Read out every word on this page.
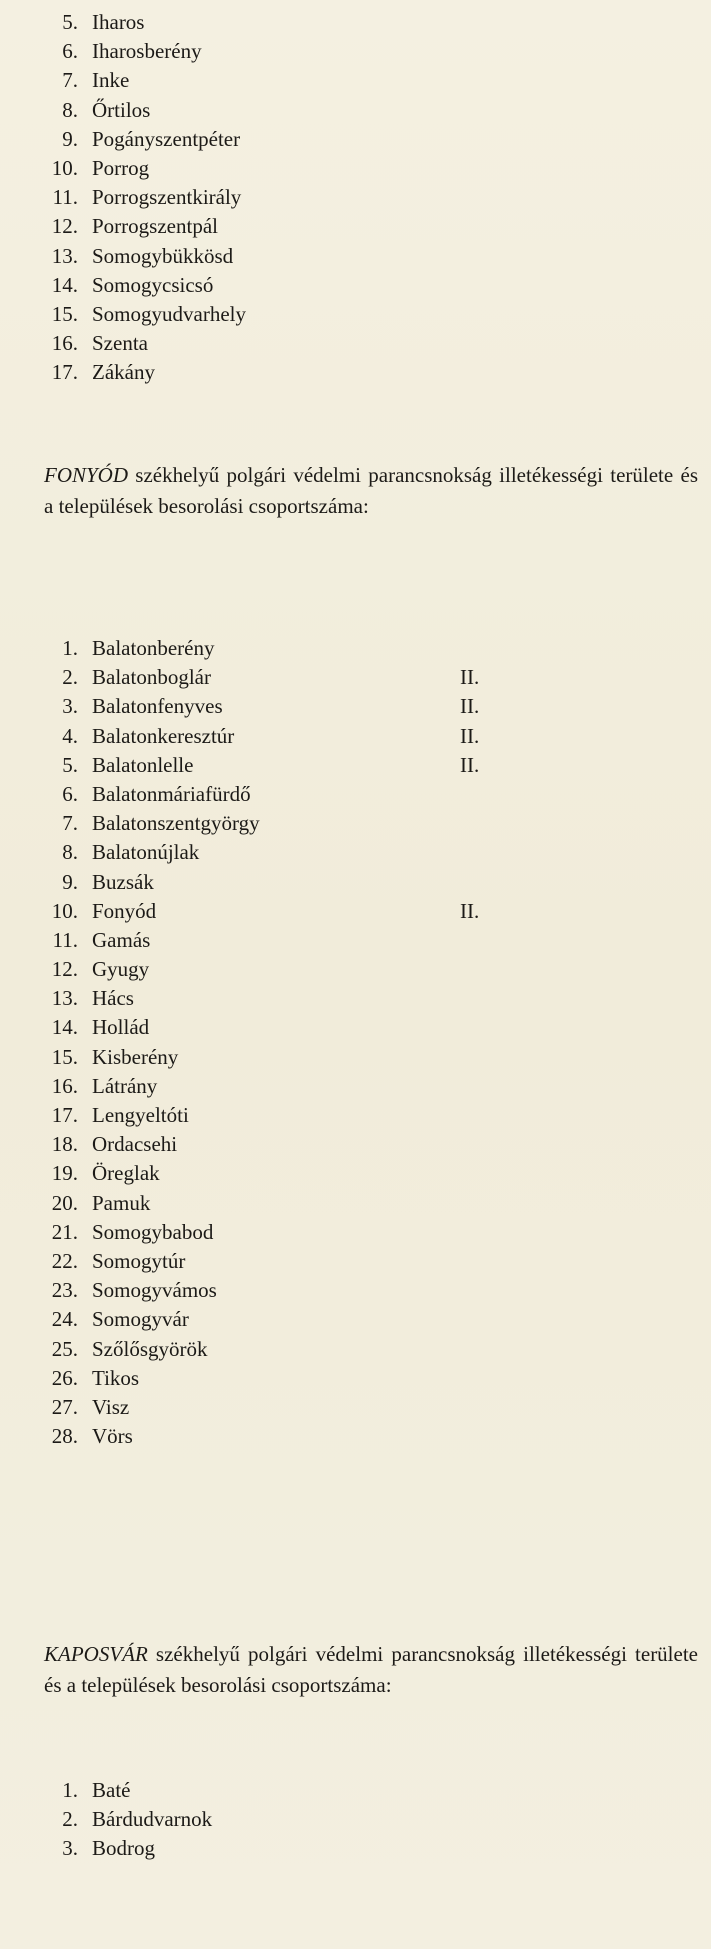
5. Iharos
6. Iharosberény
7. Inke
8. Őrtilos
9. Pogányszentpéter
10. Porrog
11. Porrogszentkirály
12. Porrogszentpál
13. Somogybükkösd
14. Somogycsicsó
15. Somogyudvarhely
16. Szenta
17. Zákány

FONYÓD székhelyű polgári védelmi parancsnokság illetékességi területe és a települések besorolási csoportszáma:

1. Balatonberény
2. Balatonboglár	II.
3. Balatonfenyves	II.
4. Balatonkeresztúr	II.
5. Balatonlelle	II.
6. Balatonmáriafürdő
7. Balatonszentgyörgy
8. Balatonújlak
9. Buzsák
10. Fonyód	II.
11. Gamás
12. Gyugy
13. Hács
14. Hollád
15. Kisberény
16. Látrány
17. Lengyeltóti
18. Ordacsehi
19. Öreglak
20. Pamuk
21. Somogybabod
22. Somogytúr
23. Somogyvámos
24. Somogyvár
25. Szőlősgyörök
26. Tikos
27. Visz
28. Vörs

KAPOSVÁR székhelyű polgári védelmi parancsnokság illetékességi területe és a települések besorolási csoportszáma:

1. Baté
2. Bárdudvarnok
3. Bodrog
